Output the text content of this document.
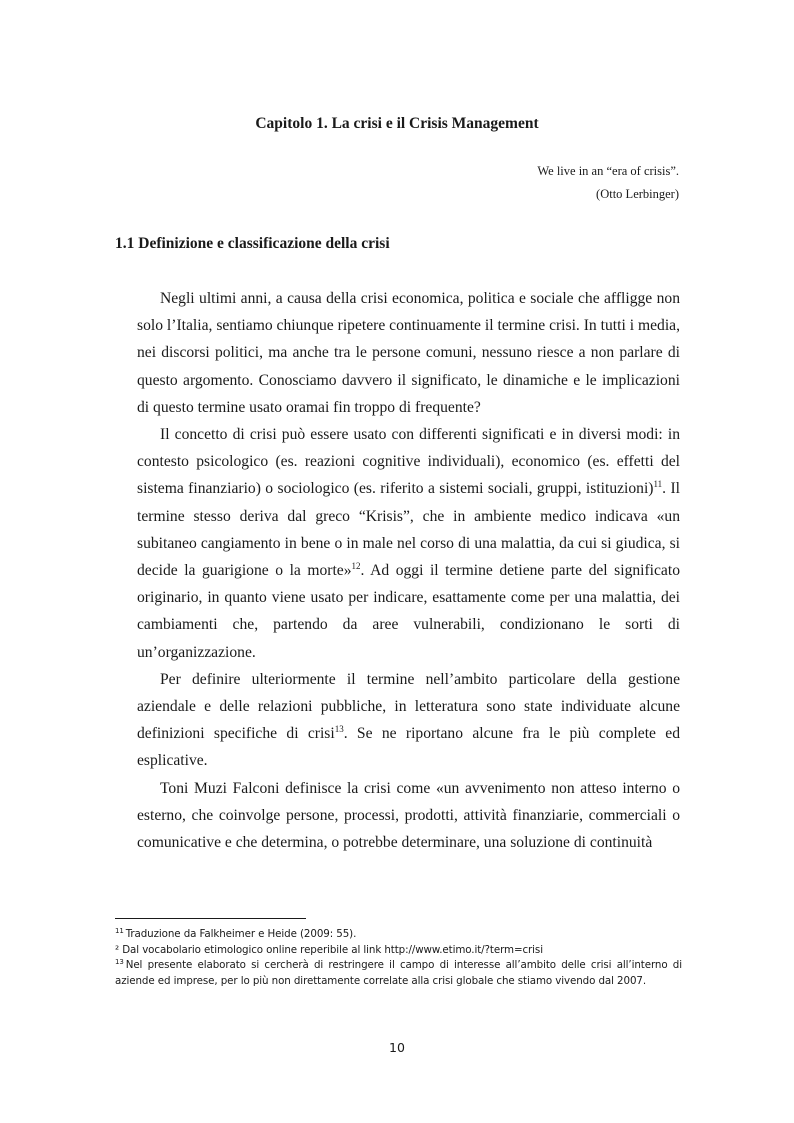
Capitolo 1. La crisi e il Crisis Management
We live in an “era of crisis”.
(Otto Lerbinger)
1.1 Definizione e classificazione della crisi

Negli ultimi anni, a causa della crisi economica, politica e sociale che affligge non solo l’Italia, sentiamo chiunque ripetere continuamente il termine crisi. In tutti i media, nei discorsi politici, ma anche tra le persone comuni, nessuno riesce a non parlare di questo argomento. Conosciamo davvero il significato, le dinamiche e le implicazioni di questo termine usato oramai fin troppo di frequente?

Il concetto di crisi può essere usato con differenti significati e in diversi modi: in contesto psicologico (es. reazioni cognitive individuali), economico (es. effetti del sistema finanziario) o sociologico (es. riferito a sistemi sociali, gruppi, istituzioni)$^{11}$. Il termine stesso deriva dal greco “Krisis”, che in ambiente medico indicava «un subitaneo cangiamento in bene o in male nel corso di una malattia, da cui si giudica, si decide la guarigione o la morte»$^{12}$. Ad oggi il termine detiene parte del significato originario, in quanto viene usato per indicare, esattamente come per una malattia, dei cambiamenti che, partendo da aree vulnerabili, condizionano le sorti di un’organizzazione.

Per definire ulteriormente il termine nell’ambito particolare della gestione aziendale e delle relazioni pubbliche, in letteratura sono state individuate alcune definizioni specifiche di crisi$^{13}$. Se ne riportano alcune fra le più complete ed esplicative.

Toni Muzi Falconi definisce la crisi come «un avvenimento non atteso interno o esterno, che coinvolge persone, processi, prodotti, attività finanziarie, commerciali o comunicative e che determina, o potrebbe determinare, una soluzione di continuità

$^{11}$ Traduzione da Falkheimer e Heide (2009: 55).

² Dal vocabolario etimologico online reperibile al link http://www.etimo.it/?term=crisi

$^{13}$ Nel presente elaborato si cercherà di restringere il campo di interesse all’ambito delle crisi all’interno di aziende ed imprese, per lo più non direttamente correlate alla crisi globale che stiamo vivendo dal 2007.

10
